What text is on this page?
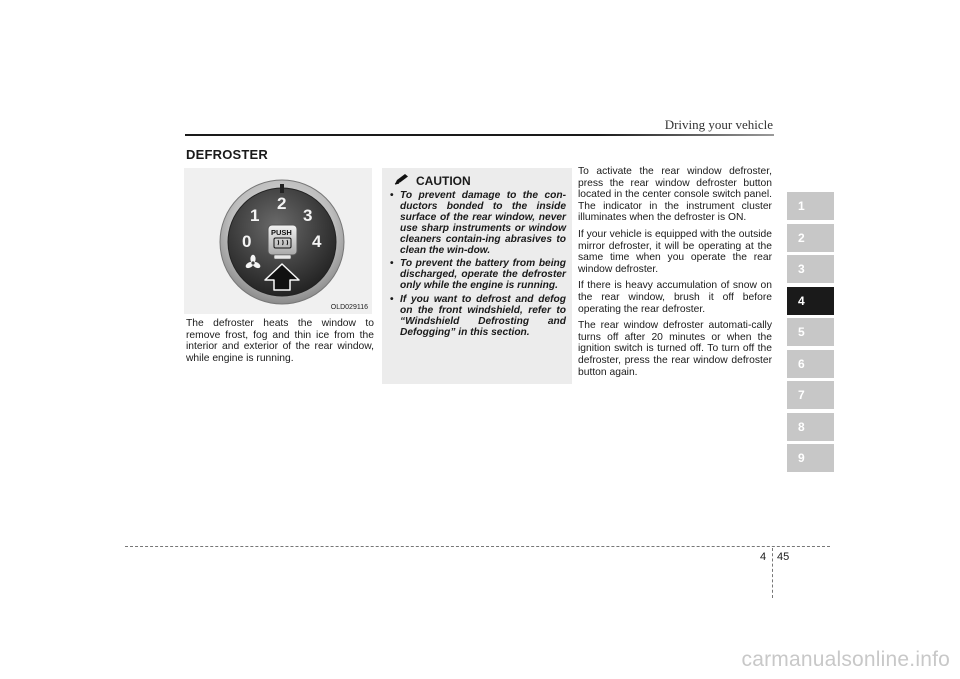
Driving your vehicle
DEFROSTER
0
1
2
3
4
PUSH
OLD029116

The defroster heats the window to remove frost, fog and thin ice from the interior and exterior of the rear window, while engine is running.

CAUTION
• To prevent damage to the con-ductors bonded to the inside surface of the rear window, never use sharp instruments or window cleaners contain-ing abrasives to clean the win-dow.
• To prevent the battery from being discharged, operate the defroster only while the engine is running.
• If you want to defrost and defog on the front windshield, refer to “Windshield Defrosting and Defogging” in this section.

To activate the rear window defroster, press the rear window defroster button located in the center console switch panel. The indicator in the instrument cluster illuminates when the defroster is ON.

If your vehicle is equipped with the outside mirror defroster, it will be operating at the same time when you operate the rear window defroster.

If there is heavy accumulation of snow on the rear window, brush it off before operating the rear defroster.

The rear window defroster automati-cally turns off after 20 minutes or when the ignition switch is turned off. To turn off the defroster, press the rear window defroster button again.

1
2
3
4
5
6
7
8
9
4 45
carmanualsonline.info
